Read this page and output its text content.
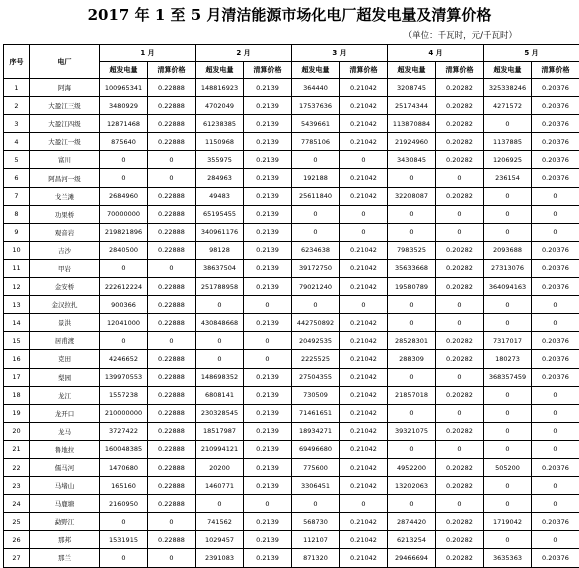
2017 年 1 至 5 月清洁能源市场化电厂超发电量及清算价格
（单位：千瓦时，元/千瓦时）
序号	电厂	1 月		2 月		3 月		4 月		5 月	
		超发电量	清算价格	超发电量	清算价格	超发电量	清算价格	超发电量	清算价格	超发电量	清算价格
1	阿海	100965341	0.22888	148816923	0.2139	364440	0.21042	3208745	0.20282	325338246	0.20376
2	大盈江三级	3480929	0.22888	4702049	0.2139	17537636	0.21042	25174344	0.20282	4271572	0.20376
3	大盈江四级	12871468	0.22888	61238385	0.2139	5439661	0.21042	113870884	0.20282	0	0.20376
4	大盈江一级	875640	0.22888	1150968	0.2139	7785106	0.21042	21924960	0.20282	1137885	0.20376
5	富川	0	0	355975	0.2139	0	0	3430845	0.20282	1206925	0.20376
6	阿昌河一级	0	0	284963	0.2139	192188	0.21042	0	0	236154	0.20376
7	戈兰滩	2684960	0.22888	49483	0.2139	25611840	0.21042	32208087	0.20282	0	0
8	功果桥	70000000	0.22888	65195455	0.2139	0	0	0	0	0	0
9	观音岩	219821896	0.22888	340961176	0.2139	0	0	0	0	0	0
10	吉沙	2840500	0.22888	98128	0.2139	6234638	0.21042	7983525	0.20282	2093688	0.20376
11	甲岩	0	0	38637504	0.2139	39172750	0.21042	35633668	0.20282	27313076	0.20376
12	金安桥	222612224	0.22888	251788958	0.2139	79021240	0.21042	19580789	0.20282	364094163	0.20376
13	金汉拉扎	900366	0.22888	0	0	0	0	0	0	0	0
14	景洪	12041000	0.22888	430848668	0.2139	442750892	0.21042	0	0	0	0
15	居甫渡	0	0	0	0	20492535	0.21042	28528301	0.20282	7317017	0.20376
16	克田	4246652	0.22888	0	0	2225525	0.21042	288309	0.20282	180273	0.20376
17	梨园	139970553	0.22888	148698352	0.2139	27504355	0.21042	0	0	368357459	0.20376
18	龙江	1557238	0.22888	6808141	0.2139	730509	0.21042	21857018	0.20282	0	0
19	龙开口	210000000	0.22888	230328545	0.2139	71461651	0.21042	0	0	0	0
20	龙马	3727422	0.22888	18517987	0.2139	18934271	0.21042	39321075	0.20282	0	0
21	鲁地拉	160048385	0.22888	210994121	0.2139	69496680	0.21042	0	0	0	0
22	儒马河	1470680	0.22888	20200	0.2139	775600	0.21042	4952200	0.20282	505200	0.20376
23	马堵山	165160	0.22888	1460771	0.2139	3306451	0.21042	13202063	0.20282	0	0
24	马鹿塘	2160950	0.22888	0	0	0	0	0	0	0	0
25	勐野江	0	0	741562	0.2139	568730	0.21042	2874420	0.20282	1719042	0.20376
26	那邦	1531915	0.22888	1029457	0.2139	112107	0.21042	6213254	0.20282	0	0
27	那兰	0	0	2391083	0.2139	871320	0.21042	29466694	0.20282	3635363	0.20376
